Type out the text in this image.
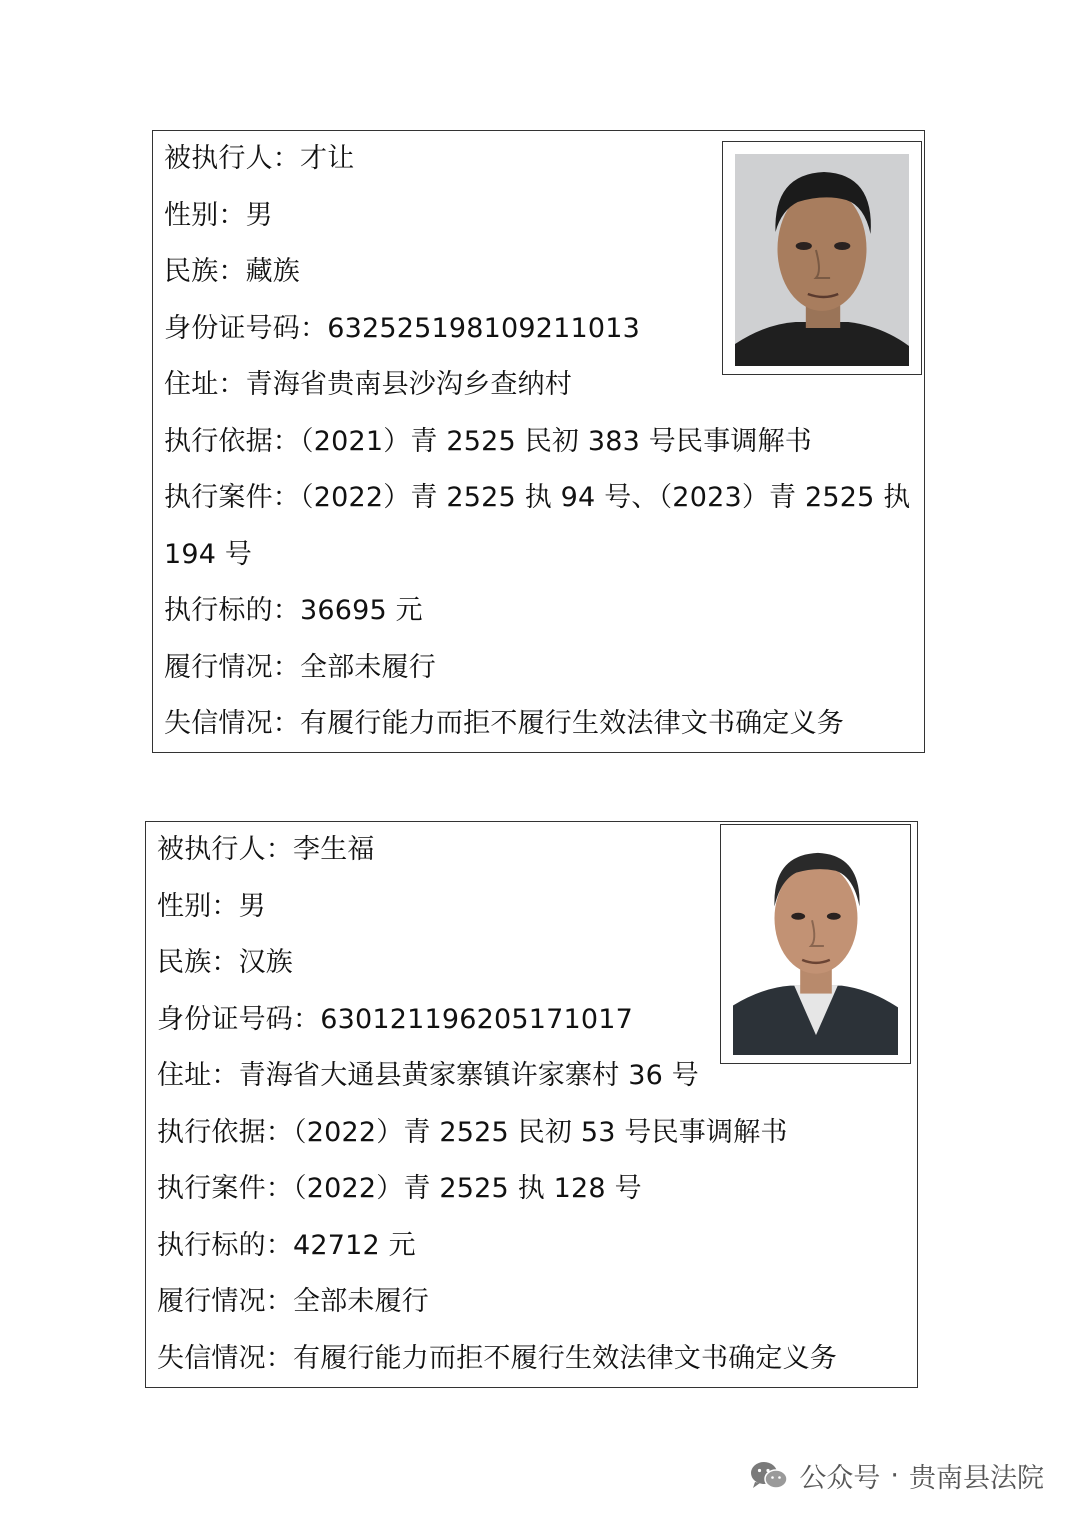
被执行人：才让
性别：男
民族：藏族
身份证号码：632525198109211013
住址：青海省贵南县沙沟乡查纳村
执行依据：（2021）青 2525 民初 383 号民事调解书
执行案件：（2022）青 2525 执 94 号、（2023）青 2525 执 194 号
执行标的：36695 元
履行情况：全部未履行
失信情况：有履行能力而拒不履行生效法律文书确定义务
被执行人：李生福
性别：男
民族：汉族
身份证号码：630121196205171017
住址：青海省大通县黄家寨镇许家寨村 36 号
执行依据：（2022）青 2525 民初 53 号民事调解书
执行案件：（2022）青 2525 执 128 号
执行标的：42712 元
履行情况：全部未履行
失信情况：有履行能力而拒不履行生效法律文书确定义务
公众号 · 贵南县法院
